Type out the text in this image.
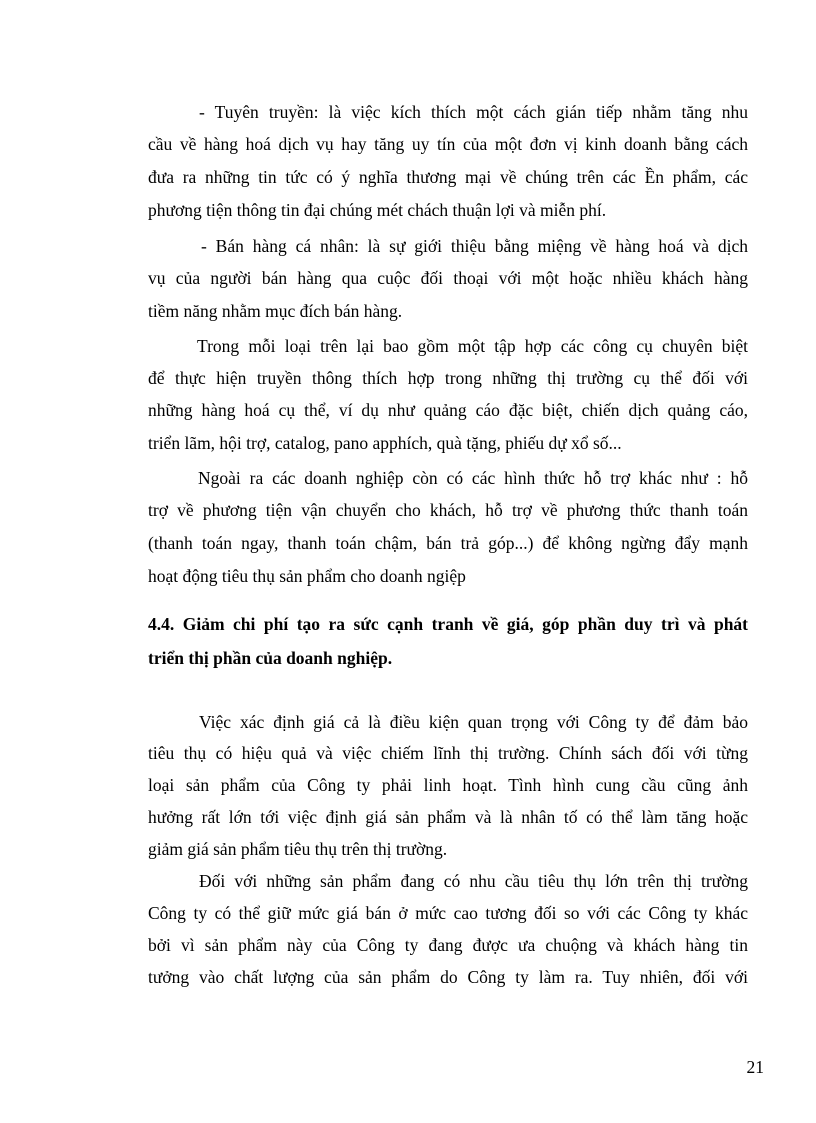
- Tuyên truyền: là việc kích thích một cách gián tiếp nhằm tăng nhu
cầu về hàng hoá dịch vụ hay tăng uy tín của một đơn vị kinh doanh bằng cách
đưa ra những tin tức có ý nghĩa thương mại về chúng trên các Ền phẩm, các
phương tiện thông tin đại chúng mét chách thuận lợi và miễn phí.
- Bán hàng cá nhân: là sự giới thiệu bằng miệng về hàng hoá và dịch
vụ của người bán hàng qua cuộc đối thoại với một hoặc nhiều khách hàng
tiềm năng nhằm mục đích bán hàng.
Trong mỗi loại trên lại bao gồm một tập hợp các công cụ chuyên biệt
để thực hiện truyền thông thích hợp trong những thị trường cụ thể đối với
những hàng hoá cụ thể, ví dụ như quảng cáo đặc biệt, chiến dịch quảng cáo,
triển lãm, hội trợ, catalog, pano apphích, quà tặng, phiếu dự xổ số...
Ngoài ra các doanh nghiệp còn có các hình thức hỗ trợ khác như : hỗ
trợ về phương tiện vận chuyển cho khách, hỗ trợ về phương thức thanh toán
(thanh toán ngay, thanh toán chậm, bán trả góp...) để không ngừng đẩy mạnh
hoạt động tiêu thụ sản phẩm cho doanh ngiệp
4.4. Giảm chi phí tạo ra sức cạnh tranh về giá, góp phần duy trì và phát
triển thị phần của doanh nghiệp.
Việc xác định giá cả là điều kiện quan trọng với Công ty để đảm bảo
tiêu thụ có hiệu quả và việc chiếm lĩnh thị trường. Chính sách đối với từng
loại sản phẩm của Công ty phải linh hoạt. Tình hình cung cầu cũng ảnh
hưởng rất lớn tới việc định giá sản phẩm và là nhân tố có thể làm tăng hoặc
giảm giá sản phẩm tiêu thụ trên thị trường.
Đối với những sản phẩm đang có nhu cầu tiêu thụ lớn trên thị trường
Công ty có thể giữ mức giá bán ở mức cao tương đối so với các Công ty khác
bởi vì sản phẩm này của Công ty đang được ưa chuộng và khách hàng tin
tưởng vào chất lượng của sản phẩm do Công ty làm ra. Tuy nhiên, đối với
21
